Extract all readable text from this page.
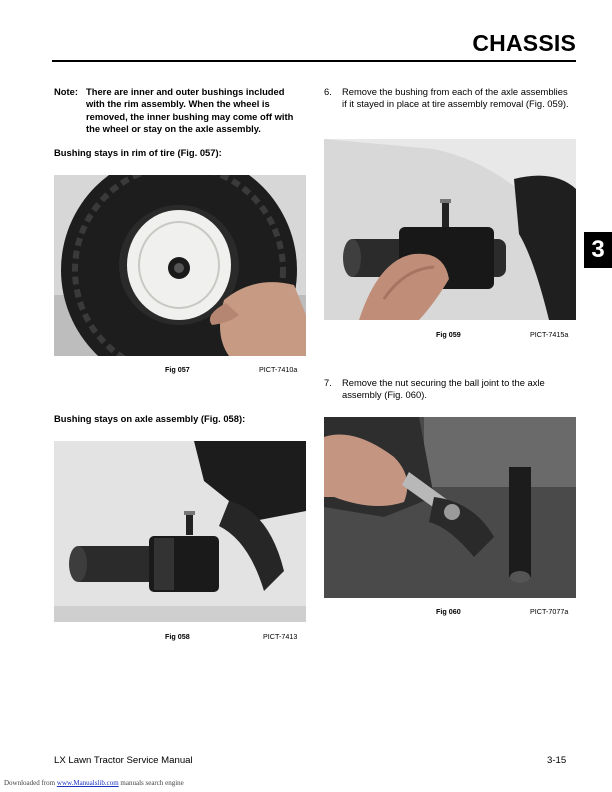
CHASSIS
3
Note: There are inner and outer bushings included with the rim assembly. When the wheel is removed, the inner bushing may come off with the wheel or stay on the axle assembly.
Bushing stays in rim of tire (Fig. 057):
Fig 057	PICT-7410a
Bushing stays on axle assembly (Fig. 058):
Fig 058	PICT-7413
6.	Remove the bushing from each of the axle assemblies if it stayed in place at tire assembly removal (Fig. 059).
Fig 059	PICT-7415a
7.	Remove the nut securing the ball joint to the axle assembly (Fig. 060).
Fig 060	PICT-7077a
LX Lawn Tractor Service Manual	3-15
Downloaded from www.Manualslib.com manuals search engine
